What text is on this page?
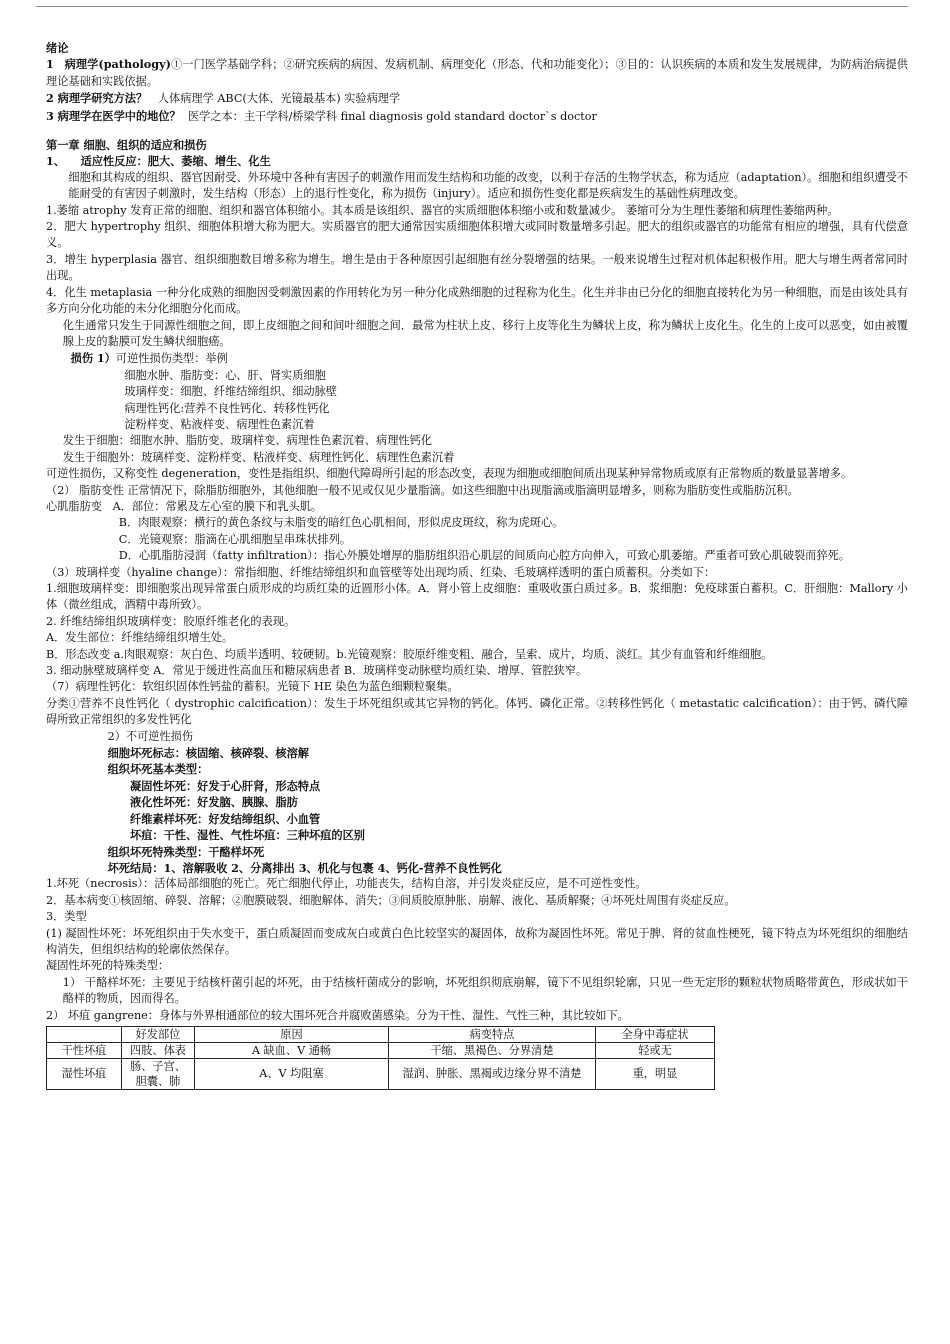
绪论

1 病理学(pathology)①一门医学基础学科；②研究疾病的病因、发病机制、病理变化（形态、代和功能变化）；③目的：认识疾病的本质和发生发展规律，为防病治病提供理论基础和实践依据。

2 病理学研究方法？ 人体病理学 ABC(大体、光镜最基本) 实验病理学

3 病理学在医学中的地位？ 医学之本：主干学科/桥梁学科 final diagnosis gold standard doctor`s doctor

第一章 细胞、组织的适应和损伤

1、 适应性反应：肥大、萎缩、增生、化生

细胞和其构成的组织、器官因耐受、外环境中各种有害因子的刺激作用而发生结构和功能的改变，以利于存活的生物学状态，称为适应（adaptation）。细胞和组织遭受不能耐受的有害因子刺激时，发生结构（形态）上的退行性变化，称为损伤（injury）。适应和损伤性变化都是疾病发生的基础性病理改变。

1.萎缩 atrophy 发育正常的细胞、组织和器官体积缩小。其本质是该组织、器官的实质细胞体积缩小或和数量减少。 萎缩可分为生理性萎缩和病理性萎缩两种。

2．肥大 hypertrophy 组织、细胞体积增大称为肥大。实质器官的肥大通常因实质细胞体积增大或同时数量增多引起。肥大的组织或器官的功能常有相应的增强，具有代偿意义。

3．增生 hyperplasia 器官、组织细胞数目增多称为增生。增生是由于各种原因引起细胞有丝分裂增强的结果。一般来说增生过程对机体起积极作用。肥大与增生两者常同时出现。

4．化生 metaplasia 一种分化成熟的细胞因受刺激因素的作用转化为另一种分化成熟细胞的过程称为化生。化生并非由已分化的细胞直接转化为另一种细胞，而是由该处具有多方向分化功能的未分化细胞分化而成。

化生通常只发生于同源性细胞之间，即上皮细胞之间和间叶细胞之间．最常为柱状上皮、移行上皮等化生为鳞状上皮，称为鳞状上皮化生。化生的上皮可以恶变，如由被覆腺上皮的黏膜可发生鳞状细胞癌。

损伤 1）可逆性损伤类型：举例

细胞水肿、脂肪变：心、肝、肾实质细胞

玻璃样变：细胞、纤维结缔组织、细动脉壁

病理性钙化:营养不良性钙化、转移性钙化

淀粉样变、粘液样变、病理性色素沉着

发生于细胞：细胞水肿、脂肪变、玻璃样变、病理性色素沉着、病理性钙化

发生于细胞外：玻璃样变、淀粉样变、粘液样变、病理性钙化、病理性色素沉着

可逆性损伤，又称变性 degeneration，变性是指组织、细胞代障碍所引起的形态改变，表现为细胞或细胞间质出现某种异常物质或原有正常物质的数量显著增多。

（2） 脂肪变性 正常情况下，除脂肪细胞外，其他细胞一般不见或仅见少量脂滴。如这些细胞中出现脂滴或脂滴明显增多，则称为脂肪变性或脂肪沉积。

心肌脂肪变 A．部位：常累及左心室的膜下和乳头肌。

B．肉眼观察：横行的黄色条纹与未脂变的暗红色心肌相间，形似虎皮斑纹，称为虎斑心。

C．光镜观察：脂滴在心肌细胞呈串珠状排列。

D．心肌脂肪浸润（fatty infiltration）：指心外膜处增厚的脂肪组织沿心肌层的间质向心腔方向伸入，可致心肌萎缩。严重者可致心肌破裂而猝死。

（3）玻璃样变（hyaline change）：常指细胞、纤维结缔组织和血管壁等处出现均质、红染、毛玻璃样透明的蛋白质蓄积。分类如下：

1.细胞玻璃样变：即细胞浆出现异常蛋白质形成的均质红染的近圆形小体。A．肾小管上皮细胞：重吸收蛋白质过多。B．浆细胞：免疫球蛋白蓄积。C．肝细胞：Mallory 小体（微丝组成，酒精中毒所致）。

2. 纤维结缔组织玻璃样变：胶原纤维老化的表现。

A．发生部位：纤维结缔组织增生处。

B．形态改变 a.肉眼观察：灰白色、均质半透明、较硬韧。b.光镜观察：胶原纤维变粗、融合，呈索、成片，均质、淡红。其少有血管和纤维细胞。

3. 细动脉壁玻璃样变 A．常见于缓进性高血压和糖尿病患者 B．玻璃样变动脉壁均质红染、增厚、管腔狭窄。

（7）病理性钙化：软组织固体性钙盐的蓄积。光镜下 HE 染色为蓝色细颗粒聚集。

分类①营养不良性钙化（ dystrophic calcification）：发生于坏死组织或其它异物的钙化。体钙、磷化正常。②转移性钙化（ metastatic calcification）：由于钙、磷代障碍所致正常组织的多发性钙化

2）不可逆性损伤

细胞坏死标志：核固缩、核碎裂、核溶解

组织坏死基本类型：

凝固性坏死：好发于心肝肾，形态特点

液化性坏死：好发脑、胰腺、脂肪

纤维素样坏死：好发结缔组织、小血管

坏疽：干性、湿性、气性坏疽：三种坏疽的区别

组织坏死特殊类型：干酪样坏死

坏死结局：1、溶解吸收 2、分离排出 3、机化与包裹 4、钙化-营养不良性钙化

1.坏死（necrosis）：活体局部细胞的死亡。死亡细胞代停止，功能丧失，结构自溶，并引发炎症反应，是不可逆性变性。

2．基本病变①核固缩、碎裂、溶解；②胞膜破裂、细胞解体、消失；③间质胶原肿胀、崩解、液化、基质解聚；④坏死灶周围有炎症反应。

3．类型

(1) 凝固性坏死：坏死组织由于失水变干，蛋白质凝固而变成灰白或黄白色比较坚实的凝固体，故称为凝固性坏死。常见于脾、肾的贫血性梗死，镜下特点为坏死组织的细胞结构消失，但组织结构的轮廓依然保存。

凝固性坏死的特殊类型：

1） 干酪样坏死：主要见于结核杆菌引起的坏死，由于结核杆菌成分的影响，坏死组织彻底崩解，镜下不见组织轮廓，只见一些无定形的颗粒状物质略带黄色，形成状如干酪样的物质，因而得名。

2） 坏疽 gangrene：身体与外界相通部位的较大围坏死合并腐败菌感染。分为干性、湿性、气性三种，其比较如下。

	好发部位	原因	病变特点	全身中毒症状
干性坏疽	四肢、体表	A 缺血、V 通畅	干缩、黑褐色、分界清楚	轻或无
湿性坏疽	肠、子宫、胆囊、肺	A、V 均阻塞	湿润、肿胀、黑褐或边缘分界不清楚	重，明显
